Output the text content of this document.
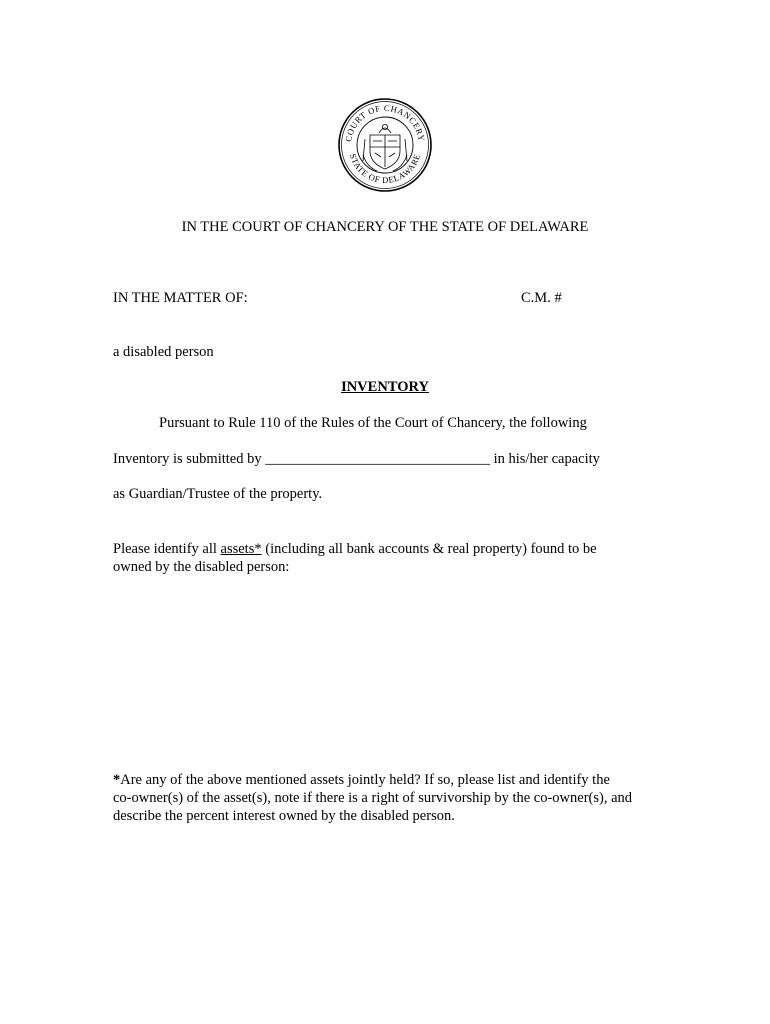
COURT OF CHANCERY
STATE OF DELAWARE
IN THE COURT OF CHANCERY OF THE STATE OF DELAWARE
IN THE MATTER OF:	C.M. #
a disabled person
INVENTORY
Pursuant to Rule 110 of the Rules of the Court of Chancery, the following
Inventory is submitted by _______________________________ in his/her capacity
as Guardian/Trustee of the property.
Please identify all assets* (including all bank accounts & real property) found to be
owned by the disabled person:
*Are any of the above mentioned assets jointly held? If so, please list and identify the
co-owner(s) of the asset(s), note if there is a right of survivorship by the co-owner(s), and
describe the percent interest owned by the disabled person.
